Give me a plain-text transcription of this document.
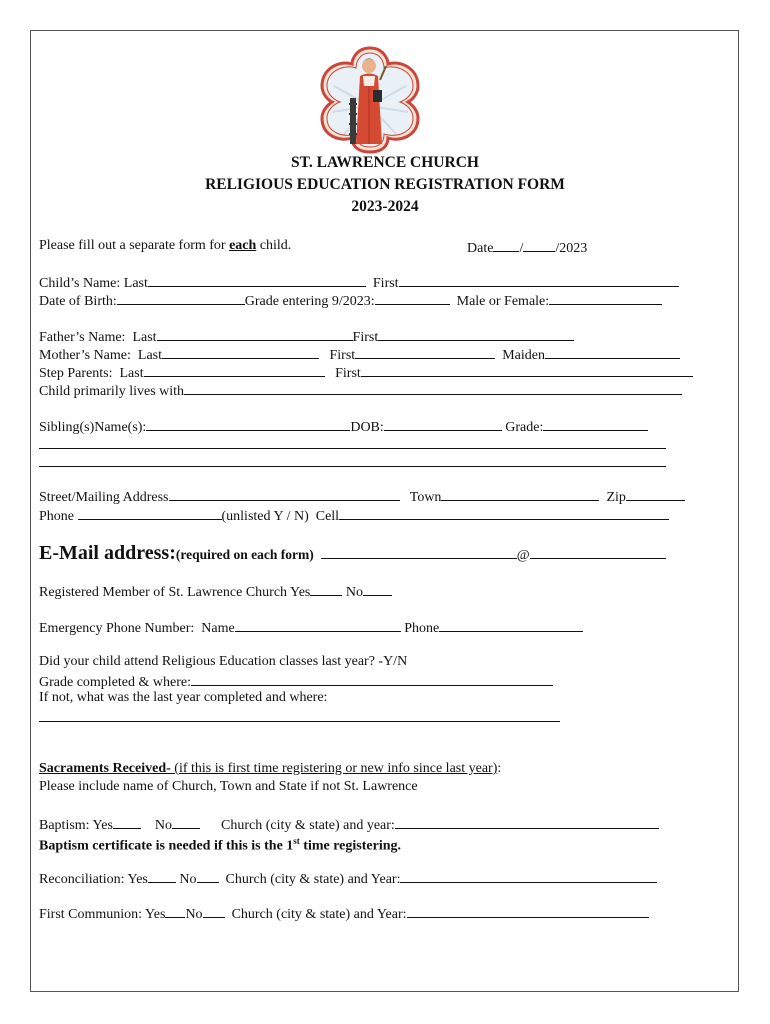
ST. LAWRENCE CHURCH
RELIGIOUS EDUCATION REGISTRATION FORM
2023-2024
Please fill out a separate form for each child.	Date / /2023
Child’s Name: Last	First
Date of Birth:	Grade entering 9/2023:	Male or Female:
Father’s Name:  Last	First
Mother’s Name:  Last	First	Maiden
Step Parents:  Last	First
Child primarily lives with
Sibling(s)Name(s):	DOB:	Grade:
Street/Mailing Address	Town	Zip
Phone	(unlisted Y / N)  Cell
E-Mail address:(required on each form)	@
Registered Member of St. Lawrence Church Yes	No
Emergency Phone Number:  Name	Phone
Did your child attend Religious Education classes last year? -Y/N
Grade completed & where:
If not, what was the last year completed and where:
Sacraments Received- (if this is first time registering or new info since last year):
Please include name of Church, Town and State if not St. Lawrence
Baptism: Yes	No	Church (city & state) and year:
Baptism certificate is needed if this is the 1st time registering.
Reconciliation: Yes No Church (city & state) and Year:
First Communion: Yes No Church (city & state) and Year:
